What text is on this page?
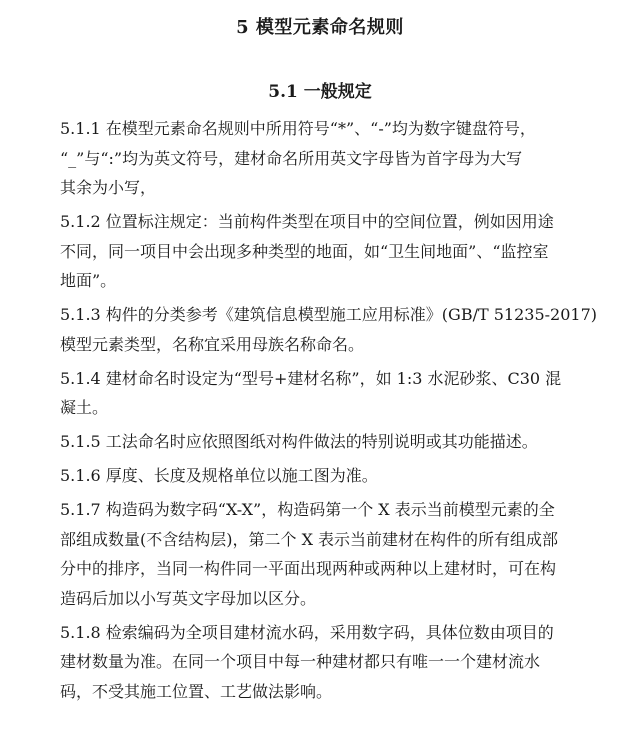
5 模型元素命名规则
5.1 一般规定

5.1.1 在模型元素命名规则中所用符号“*”、“-”均为数字键盘符号，
“_”与“:”均为英文符号，建材命名所用英文字母皆为首字母为大写
其余为小写，

5.1.2 位置标注规定：当前构件类型在项目中的空间位置，例如因用途
不同，同一项目中会出现多种类型的地面，如“卫生间地面”、“监控室
地面”。

5.1.3 构件的分类参考《建筑信息模型施工应用标准》(GB/T 51235-2017)
模型元素类型，名称宜采用母族名称命名。

5.1.4 建材命名时设定为“型号+建材名称”，如 1:3 水泥砂浆、C30 混
凝土。

5.1.5 工法命名时应依照图纸对构件做法的特别说明或其功能描述。

5.1.6 厚度、长度及规格单位以施工图为准。

5.1.7 构造码为数字码“X-X”，构造码第一个 X 表示当前模型元素的全
部组成数量(不含结构层)，第二个 X 表示当前建材在构件的所有组成部
分中的排序，当同一构件同一平面出现两种或两种以上建材时，可在构
造码后加以小写英文字母加以区分。

5.1.8 检索编码为全项目建材流水码，采用数字码，具体位数由项目的
建材数量为准。在同一个项目中每一种建材都只有唯一一个建材流水
码，不受其施工位置、工艺做法影响。
